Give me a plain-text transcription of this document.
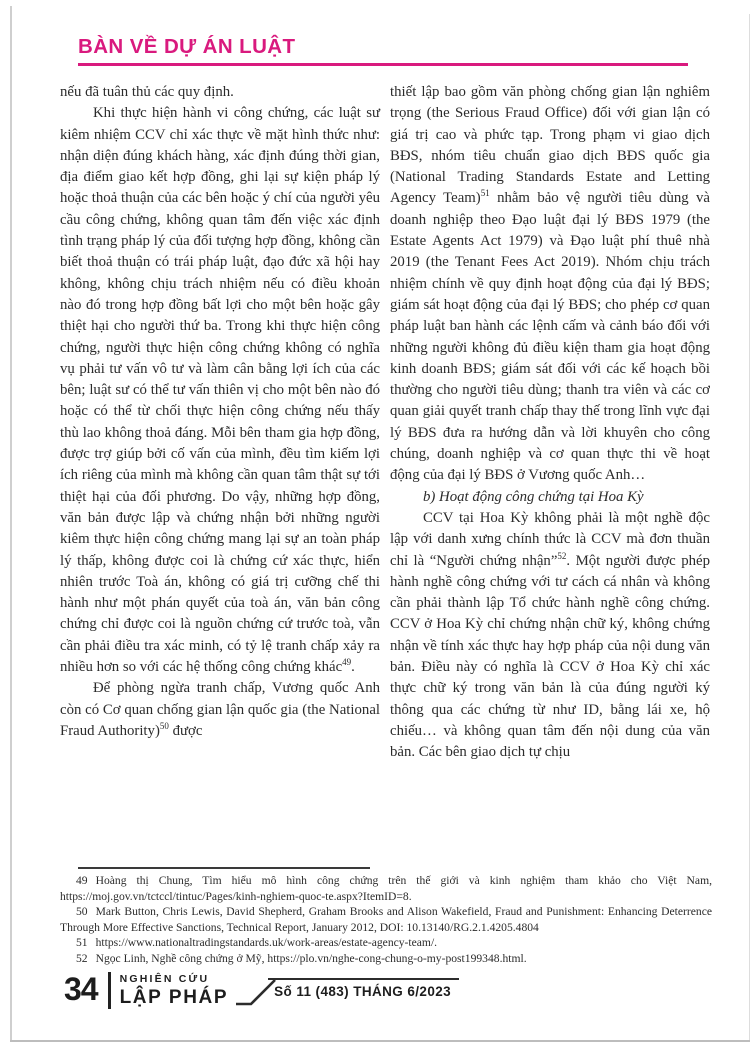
BÀN VỀ DỰ ÁN LUẬT

nếu đã tuân thủ các quy định.

Khi thực hiện hành vi công chứng, các luật sư kiêm nhiệm CCV chỉ xác thực về mặt hình thức như: nhận diện đúng khách hàng, xác định đúng thời gian, địa điểm giao kết hợp đồng, ghi lại sự kiện pháp lý hoặc thoả thuận của các bên hoặc ý chí của người yêu cầu công chứng, không quan tâm đến việc xác định tình trạng pháp lý của đối tượng hợp đồng, không cần biết thoả thuận có trái pháp luật, đạo đức xã hội hay không, không chịu trách nhiệm nếu có điều khoản nào đó trong hợp đồng bất lợi cho một bên hoặc gây thiệt hại cho người thứ ba. Trong khi thực hiện công chứng, người thực hiện công chứng không có nghĩa vụ phải tư vấn vô tư và làm cân bằng lợi ích của các bên; luật sư có thể tư vấn thiên vị cho một bên nào đó hoặc có thể từ chối thực hiện công chứng nếu thấy thù lao không thoả đáng. Mỗi bên tham gia hợp đồng, được trợ giúp bởi cố vấn của mình, đều tìm kiếm lợi ích riêng của mình mà không cần quan tâm thật sự tới thiệt hại của đối phương. Do vậy, những hợp đồng, văn bản được lập và chứng nhận bởi những người kiêm thực hiện công chứng mang lại sự an toàn pháp lý thấp, không được coi là chứng cứ xác thực, hiển nhiên trước Toà án, không có giá trị cưỡng chế thi hành như một phán quyết của toà án, văn bản công chứng chỉ được coi là nguồn chứng cứ trước toà, vẫn cần phải điều tra xác minh, có tỷ lệ tranh chấp xảy ra nhiều hơn so với các hệ thống công chứng khác$^{49}$.

Để phòng ngừa tranh chấp, Vương quốc Anh còn có Cơ quan chống gian lận quốc gia (the National Fraud Authority)$^{50}$ được

thiết lập bao gồm văn phòng chống gian lận nghiêm trọng (the Serious Fraud Office) đối với gian lận có giá trị cao và phức tạp. Trong phạm vi giao dịch BĐS, nhóm tiêu chuẩn giao dịch BĐS quốc gia (National Trading Standards Estate and Letting Agency Team)$^{51}$ nhằm bảo vệ người tiêu dùng và doanh nghiệp theo Đạo luật đại lý BĐS 1979 (the Estate Agents Act 1979) và Đạo luật phí thuê nhà 2019 (the Tenant Fees Act 2019). Nhóm chịu trách nhiệm chính về quy định hoạt động của đại lý BĐS; giám sát hoạt động của đại lý BĐS; cho phép cơ quan pháp luật ban hành các lệnh cấm và cảnh báo đối với những người không đủ điều kiện tham gia hoạt động kinh doanh BĐS; giám sát đối với các kế hoạch bồi thường cho người tiêu dùng; thanh tra viên và các cơ quan giải quyết tranh chấp thay thế trong lĩnh vực đại lý BĐS đưa ra hướng dẫn và lời khuyên cho công chúng, doanh nghiệp và cơ quan thực thi về hoạt động của đại lý BĐS ở Vương quốc Anh…

b) Hoạt động công chứng tại Hoa Kỳ

CCV tại Hoa Kỳ không phải là một nghề độc lập với danh xưng chính thức là CCV mà đơn thuần chỉ là “Người chứng nhận”$^{52}$. Một người được phép hành nghề công chứng với tư cách cá nhân và không cần phải thành lập Tổ chức hành nghề công chứng. CCV ở Hoa Kỳ chỉ chứng nhận chữ ký, không chứng nhận về tính xác thực hay hợp pháp của nội dung văn bản. Điều này có nghĩa là CCV ở Hoa Kỳ chỉ xác thực chữ ký trong văn bản là của đúng người ký thông qua các chứng từ như ID, bằng lái xe, hộ chiếu… và không quan tâm đến nội dung của văn bản. Các bên giao dịch tự chịu

49 Hoàng thị Chung, Tìm hiểu mô hình công chứng trên thế giới và kinh nghiệm tham khảo cho Việt Nam, https://moj.gov.vn/tctccl/tintuc/Pages/kinh-nghiem-quoc-te.aspx?ItemID=8.

50 Mark Button, Chris Lewis, David Shepherd, Graham Brooks and Alison Wakefield, Fraud and Punishment: Enhancing Deterrence Through More Effective Sanctions, Technical Report, January 2012, DOI: 10.13140/RG.2.1.4205.4804

51 https://www.nationaltradingstandards.uk/work-areas/estate-agency-team/.

52 Ngọc Linh, Nghề công chứng ở Mỹ, https://plo.vn/nghe-cong-chung-o-my-post199348.html.

34 NGHIÊN CỨU
LẬP PHÁP	Số 11 (483) THÁNG 6/2023
